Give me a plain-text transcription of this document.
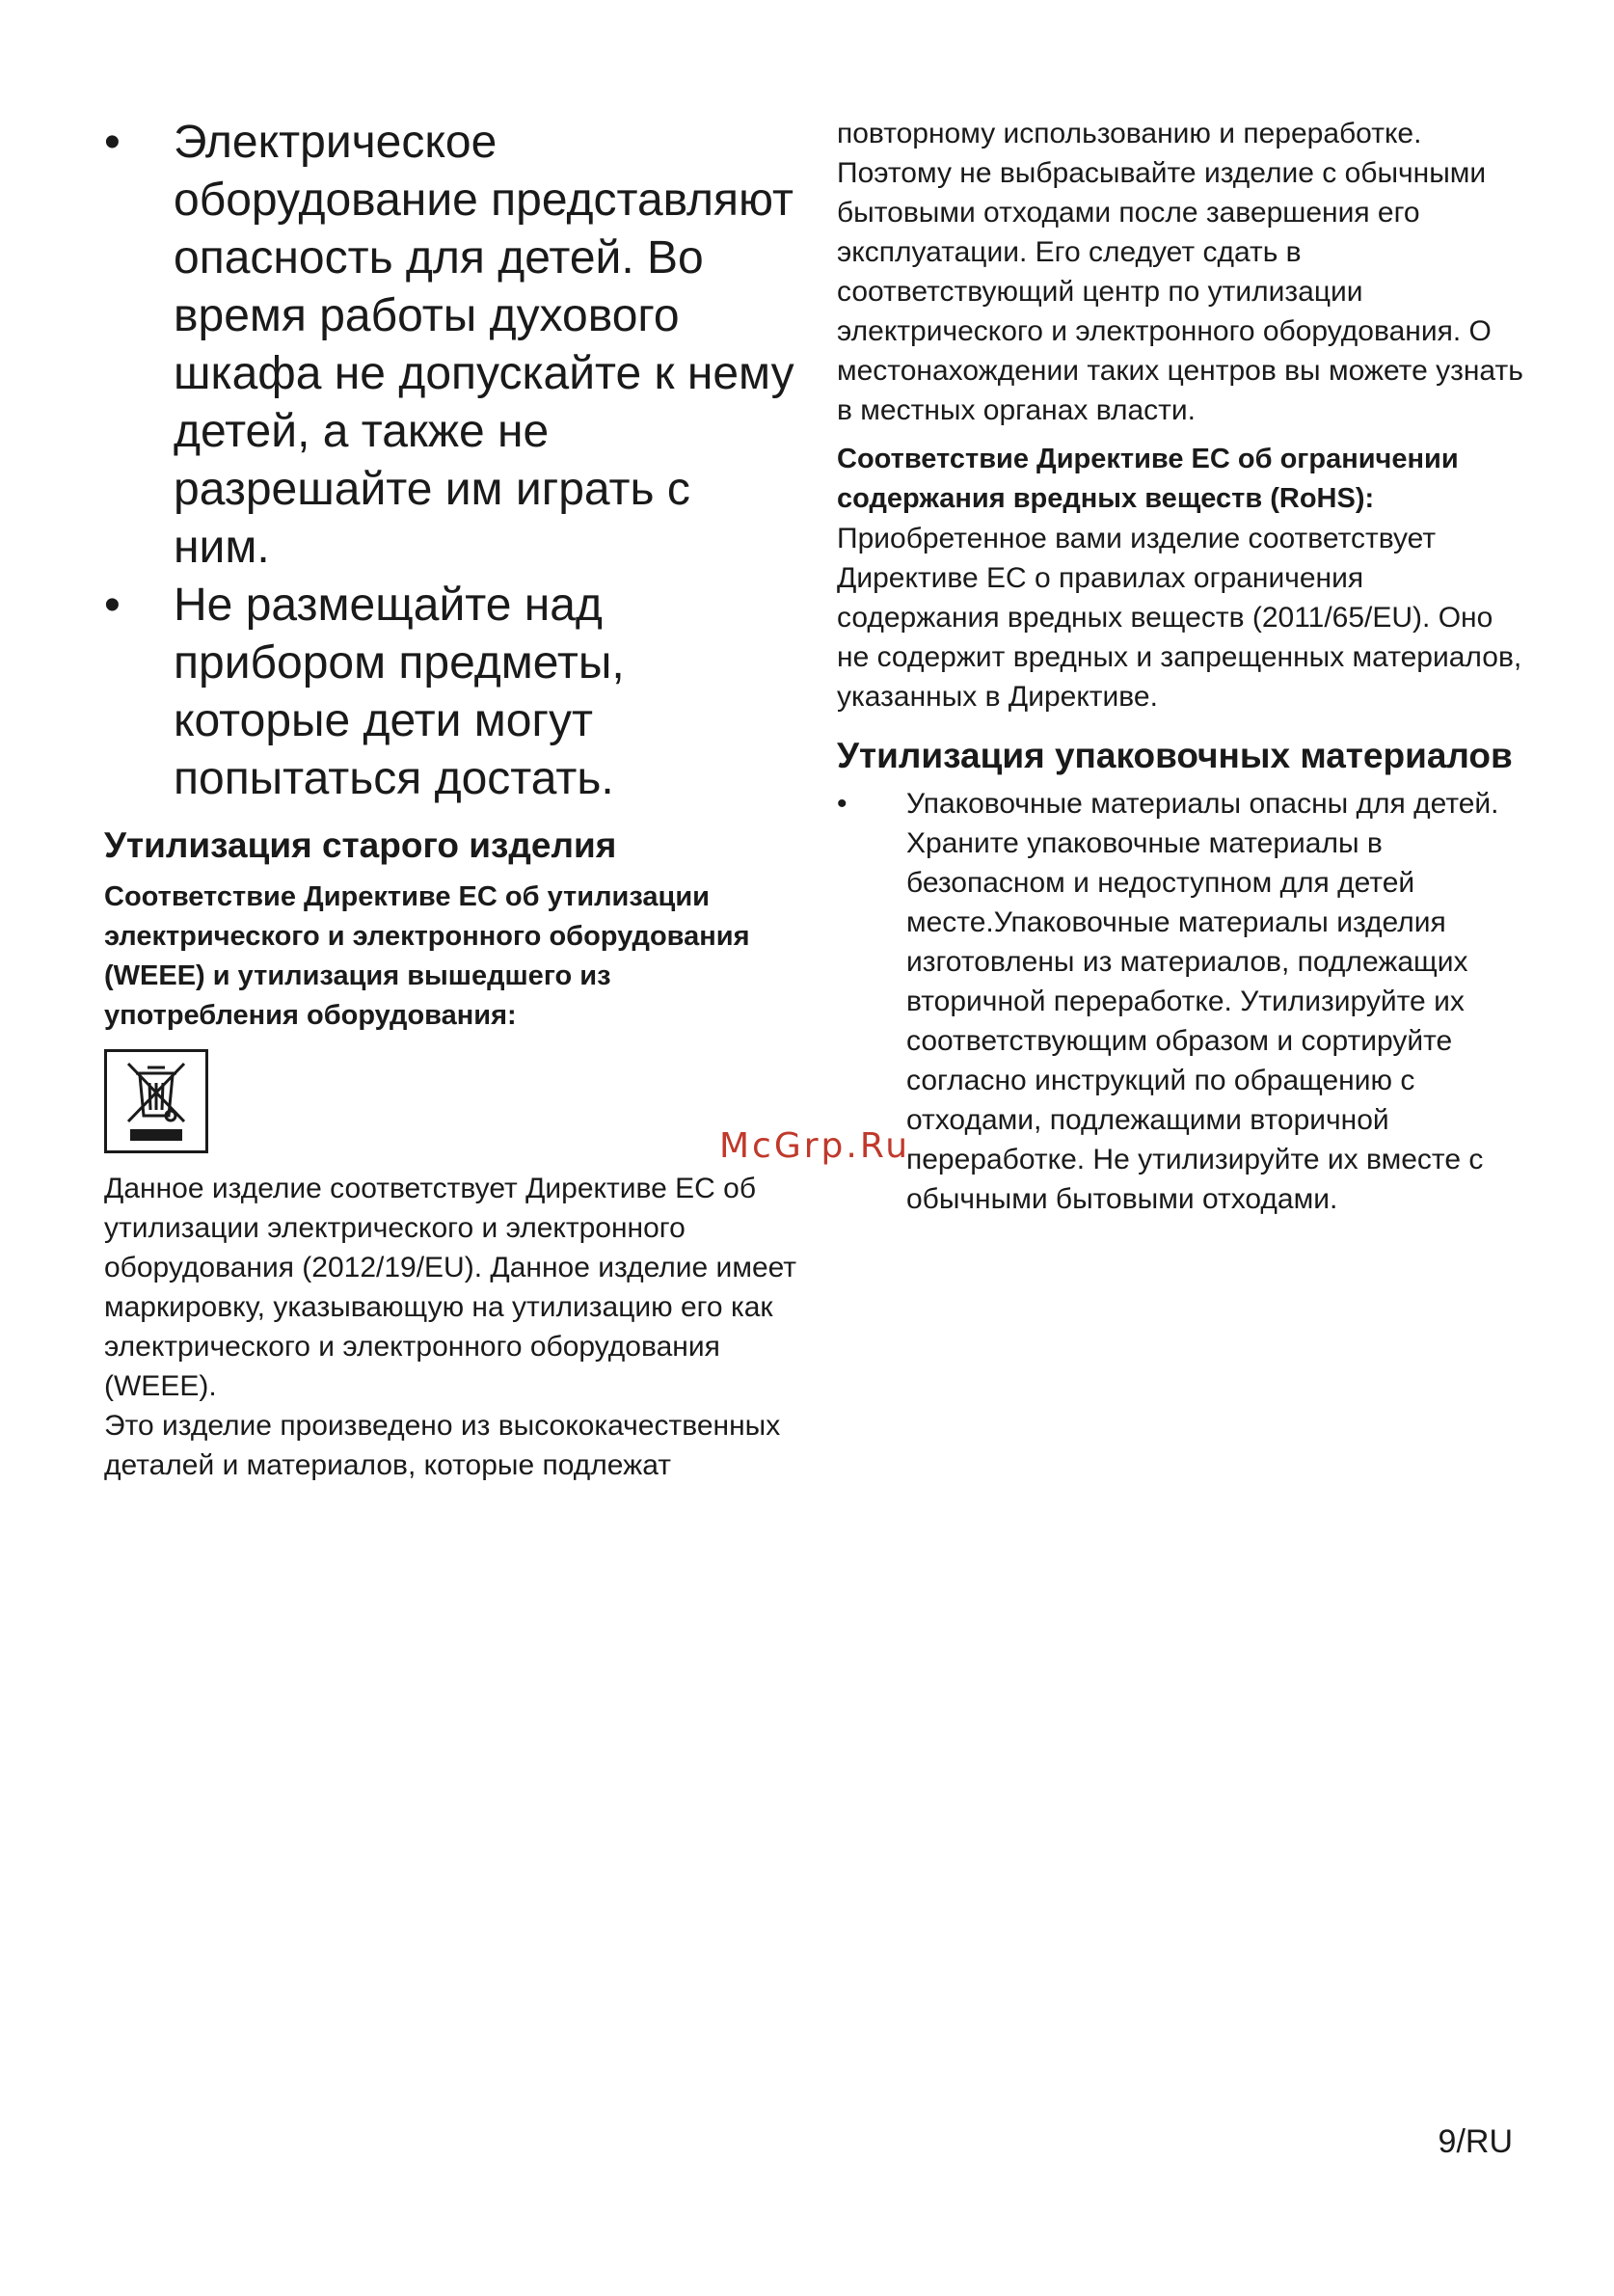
•	Электрическое оборудование представляют опасность для детей. Во время работы духового шкафа не допускайте к нему детей, а также не разрешайте им играть с ним.
•	Не размещайте над прибором предметы, которые дети могут попытаться достать.
Утилизация старого изделия

Соответствие Директиве ЕС об утилизации электрического и электронного оборудования (WEEE) и утилизация вышедшего из употребления оборудования:

Данное изделие соответствует Директиве ЕС об утилизации электрического и электронного оборудования (2012/19/EU). Данное изделие имеет маркировку, указывающую на утилизацию его как электрического и электронного оборудования (WEEE).

Это изделие произведено из высококачественных деталей и материалов, которые подлежат

повторному использованию и переработке. Поэтому не выбрасывайте изделие с обычными бытовыми отходами после завершения его эксплуатации. Его следует сдать в соответствующий центр по утилизации электрического и электронного оборудования. О местонахождении таких центров вы можете узнать в местных органах власти.

Соответствие Директиве ЕС об ограничении содержания вредных веществ (RoHS):

Приобретенное вами изделие соответствует Директиве ЕС о правилах ограничения содержания вредных веществ (2011/65/EU). Оно не содержит вредных и запрещенных материалов, указанных в Директиве.

Утилизация упаковочных материалов
•	Упаковочные материалы опасны для детей. Храните упаковочные материалы в безопасном и недоступном для детей месте.Упаковочные материалы изделия изготовлены из материалов, подлежащих вторичной переработке. Утилизируйте их соответствующим образом и сортируйте согласно инструкций по обращению с отходами, подлежащими вторичной переработке. Не утилизируйте их вместе с обычными бытовыми отходами.
McGrp.Ru
9/RU
